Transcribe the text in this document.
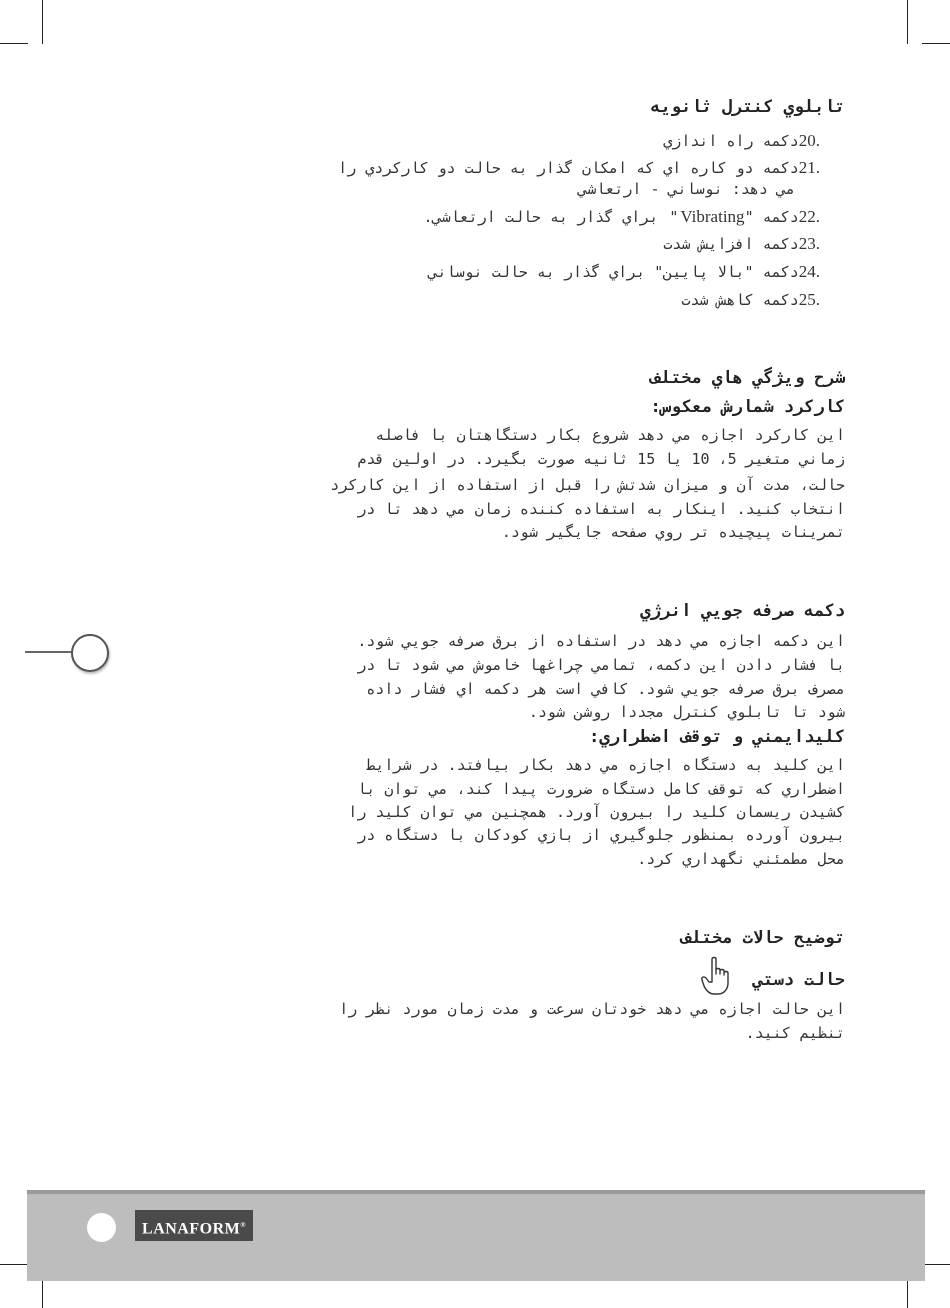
تابلوي كنترل ثانويه
20.دكمه راه اندازي
21.دكمه دو كاره اي كه امكان گذار به حالت دو كاركردي را
مي دهد: نوساني - ارتعاشي
22.دكمه "Vibrating" براي گذار به حالت ارتعاشي.
23.دكمه افزايش شدت
24.دكمه "بالا پايين" براي گذار به حالت نوساني
25.دكمه كاهش شدت
شرح ويژگي هاي مختلف
كاركرد شمارش معكوس:
اين كاركرد اجازه مي دهد شروع بكار دستگاهتان با فاصله
زماني متغير 5، 10 يا 15 ثانيه صورت بگيرد. در اولين قدم
حالت، مدت آن و ميزان شدتش را قبل از استفاده از اين كاركرد
انتخاب كنيد. اينكار به استفاده كننده زمان مي دهد تا در
تمرينات پيچيده تر روي صفحه جايگير شود.
دكمه صرفه جويي انرژي
اين دكمه اجازه مي دهد در استفاده از برق صرفه جويي شود.
با فشار دادن اين دكمه، تمامي چراغها خاموش مي شود تا در
مصرف برق صرفه جويي شود. كافي است هر دكمه اي فشار داده
شود تا تابلوي كنترل مجددا روشن شود.
كليدايمني و توقف اضطراري:
اين كليد به دستگاه اجازه مي دهد بكار بيافتد. در شرايط
اضطراري كه توقف كامل دستگاه ضرورت پيدا كند، مي توان با
كشيدن ريسمان كليد را بيرون آورد. همچنين مي توان كليد را
بيرون آورده بمنظور جلوگيري از بازي كودكان با دستگاه در
محل مطمئني نگهداري كرد.
توضيح حالات مختلف
حالت دستي
اين حالت اجازه مي دهد خودتان سرعت و مدت زمان مورد نظر را
تنظيم كنيد.
LANAFORM®
